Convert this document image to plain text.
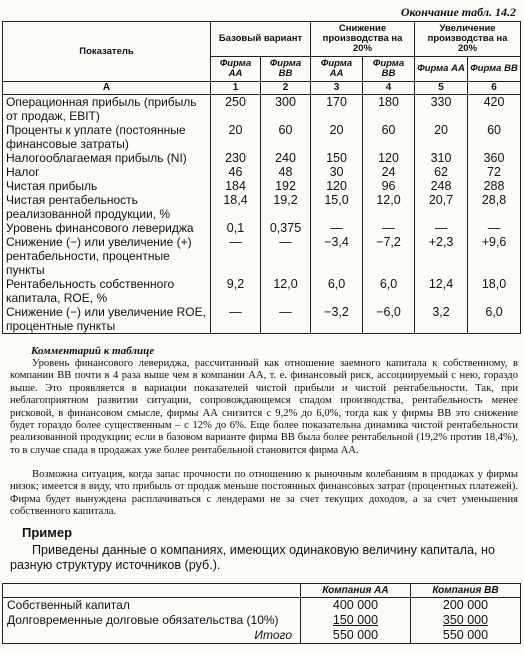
Окончание табл. 14.2
Показатель	Базовый вариант		Снижение производства на 20%		Увеличение производства на 20%	
	Фирма АА	Фирма ВВ	Фирма АА	Фирма ВВ	Фирма АА	Фирма ВВ
А	1	2	3	4	5	6
Операционная прибыль (прибыль от продаж, EBIT)	250	300	170	180	330	420
Проценты к уплате (постоянные финансовые затраты)	20	60	20	60	20	60
Налогооблагаемая прибыль (NI)	230	240	150	120	310	360
Налог	46	48	30	24	62	72
Чистая прибыль	184	192	120	96	248	288
Чистая рентабельность реализованной продукции, %	18,4	19,2	15,0	12,0	20,7	28,8
Уровень финансового левериджа	0,1	0,375	—	—	—	—
Снижение (−) или увеличение (+) рентабельности, процентные пункты	—	—	−3,4	−7,2	+2,3	+9,6
Рентабельность собственного капитала, ROE, %	9,2	12,0	6,0	6,0	12,4	18,0
Снижение (−) или увеличение ROE, процентные пункты	—	—	−3,2	−6,0	3,2	6,0
Комментарий к таблице

Уровень финансового левериджа, рассчитанный как отношение заемного капитала к собственному, в компании ВВ почти в 4 раза выше чем в компании АА, т. е. финансовый риск, ассоциируемый с нею, гораздо выше. Это проявляется в вариации показателей чистой прибыли и чистой рентабельности. Так, при неблагоприятном развитии ситуации, сопровождающемся спадом производства, рентабельность менее рисковой, в финансовом смысле, фирмы АА снизится с 9,2% до 6,0%, тогда как у фирмы ВВ это снижение будет гораздо более существенным – с 12% до 6%. Еще более показательна динамика чистой рентабельности реализованной продукции; если в базовом варианте фирма ВВ была более рентабельной (19,2% против 18,4%), то в случае спада в продажах уже более рентабельной становится фирма АА.

Возможна ситуация, когда запас прочности по отношению к рыночным колебаниям в продажах у фирмы низок; имеется в виду, что прибыль от продаж меньше постоянных финансовых затрат (процентных платежей). Фирма будет вынуждена расплачиваться с лендерами не за счет текущих доходов, а за счет уменьшения собственного капитала.

Пример

Приведены данные о компаниях, имеющих одинаковую величину капитала, но разную структуру источников (руб.).

	Компания АА	Компания ВВ
Собственный капитал	400 000	200 000
Долговременные долговые обязательства (10%)	150 000	350 000
Итого	550 000	550 000
